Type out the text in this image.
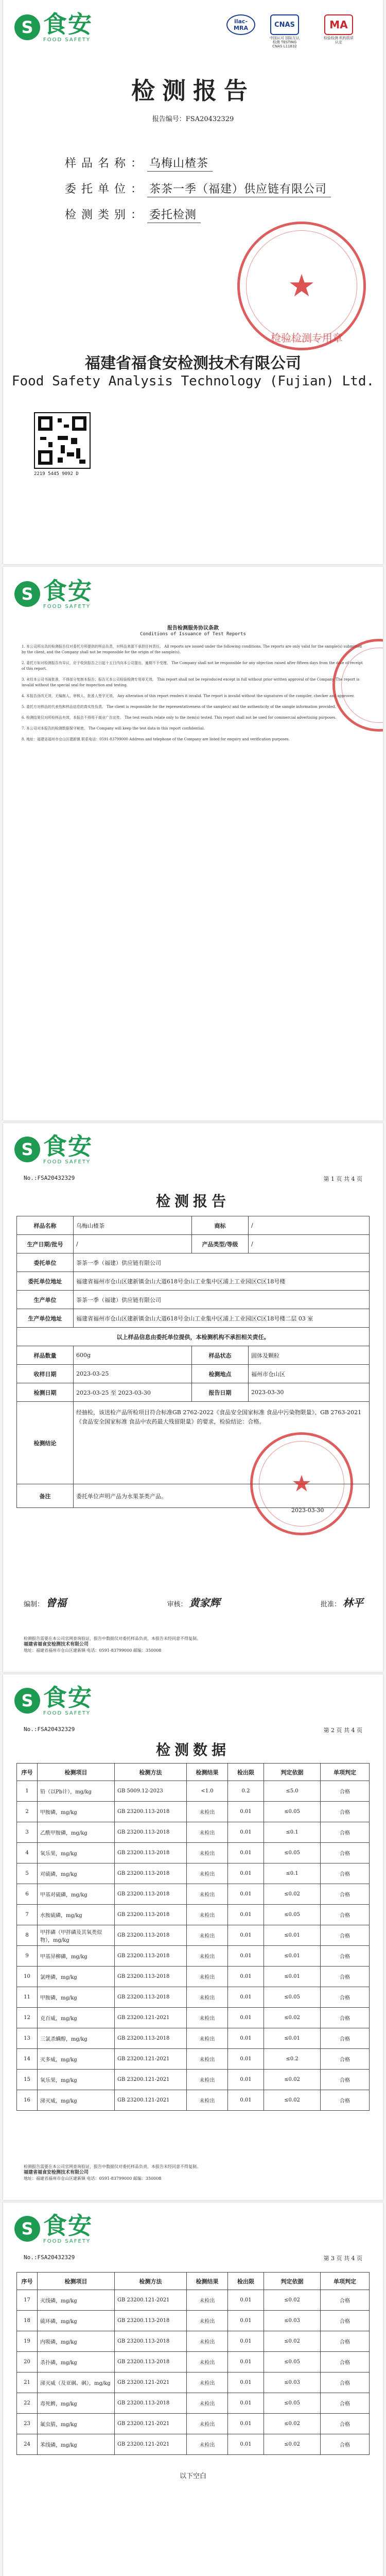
S 食安
FOOD SAFETY
ilac-MRA	CNAS
中国认可 国际互认 检测 TESTING CNAS L11832
MA
检验检测 机构资质认定
检测报告
报告编号：FSA20432329
样品名称： 乌梅山楂茶
委托单位： 茶茶一季（福建）供应链有限公司
检测类别： 委托检测
★
检验检测专用章
福建省福食安检测技术有限公司
Food Safety Analysis Technology (Fujian) Ltd.
2219 5445 9092 D
S 食安
FOOD SAFETY
报告检测服务协议条款
Conditions of Issuance of Test Reports

1. 本公司所出具的检测报告仅对委托方所提供的样品负责，对样品来源不承担任何责任。 All reports are issued under the following conditions. The reports are only valid for the sample(s) submitted by the client, and the Company shall not be responsible for the origin of the sample(s).

2. 委托方如对检测报告有异议，应于收到报告之日起十五日内向本公司提出，逾期不予受理。 The Company shall not be responsible for any objection raised after fifteen days from the date of receipt of this report.

3. 未经本公司书面批准，不得部分复制本报告；报告无本公司检验检测专用章无效。 This report shall not be reproduced except in full without prior written approval of the Company. The report is invalid without the special seal for inspection and testing.

4. 本报告涂改无效，无编制人、审核人、批准人签字无效。 Any alteration of this report renders it invalid. The report is invalid without the signatures of the compiler, checker and approver.

5. 委托方对样品的代表性和样品信息的真实性负责。 The client is responsible for the representativeness of the sample(s) and the authenticity of the sample information provided.

6. 检测结果仅对所检样品有效，本报告不得用于商业广告宣传。 The test results relate only to the item(s) tested. This report shall not be used for commercial advertising purposes.

7. 本公司对本报告的检测数据保守秘密。 The Company will keep the test data in this report confidential.

8. 地址：福建省福州市仓山区建新镇 联系电话：0591-83799000 Address and telephone of the Company are listed for enquiry and verification purposes.

S 食安
FOOD SAFETY
No.:FSA20432329	第 1 页 共 4 页
检测报告
样品名称	乌梅山楂茶	商标	/
生产日期/批号	/	产品类型/等级	/
委托单位	茶茶一季（福建）供应链有限公司		
委托单位地址	福建省福州市仓山区建新镇金山大道618号金山工业集中区浦上工业园区C区18号楼		
生产单位	茶茶一季（福建）供应链有限公司		
生产单位地址	福建省福州市仓山区建新镇金山大道618号金山工业集中区浦上工业园区C区18号楼二层 03 室		
以上样品信息由委托单位提供，本检测机构不承担相关责任。			
样品数量	600g	样品状态	固体及颗粒
收样日期	2023-03-25	检测地点	福州市仓山区
检测日期	2023-03-25 至 2023-03-30	报告日期	2023-03-30
检测结论	经抽检，该送检产品所检项目符合标准GB 2762-2022《食品安全国家标准 食品中污染物限量》、GB 2763-2021《食品安全国家标准 食品中农药最大残留限量》的要求，检验结论：合格。		
备注	委托单位声明产品为水果茶类产品。			★
2023-03-30
编制： 曾福	审核： 黄家辉	批准： 林平
检测报告需要在本公司官网查询验证，报告中数据仅对委托样品负责，本报告未经同意不得复制。
福建省福食安检测技术有限公司
地址：福建省福州市仓山区建新镇 电话：0591-83799000 邮编：350008
S 食安
FOOD SAFETY
No.:FSA20432329	第 2 页 共 4 页
检测数据
序号	检测项目	检测方法	检测结果	检出限	判定依据	单项判定
1	铅（以Pb计），mg/kg	GB 5009.12-2023	<1.0	0.2	≤5.0	合格
2	甲胺磷，mg/kg	GB 23200.113-2018	未检出	0.01	≤0.05	合格
3	乙酰甲胺磷，mg/kg	GB 23200.113-2018	未检出	0.01	≤0.1	合格
4	氧乐果，mg/kg	GB 23200.113-2018	未检出	0.01	≤0.05	合格
5	对硫磷，mg/kg	GB 23200.113-2018	未检出	0.01	≤0.1	合格
6	甲基对硫磷，mg/kg	GB 23200.113-2018	未检出	0.01	≤0.02	合格
7	水胺硫磷，mg/kg	GB 23200.113-2018	未检出	0.01	≤0.05	合格
8	甲拌磷（甲拌磷及其氧类似物），mg/kg	GB 23200.113-2018	未检出	0.01	≤0.01	合格
9	甲基异柳磷，mg/kg	GB 23200.113-2018	未检出	0.01	≤0.01	合格
10	氯唑磷，mg/kg	GB 23200.113-2018	未检出	0.01	≤0.01	合格
11	甲胺磷，mg/kg	GB 23200.113-2018	未检出	0.01	≤0.05	合格
12	克百威，mg/kg	GB 23200.121-2021	未检出	0.01	≤0.02	合格
13	三氯杀螨醇，mg/kg	GB 23200.113-2018	未检出	0.01	≤0.01	合格
14	灭多威，mg/kg	GB 23200.121-2021	未检出	0.01	≤0.2	合格
15	氧乐果，mg/kg	GB 23200.121-2021	未检出	0.01	≤0.02	合格
16	涕灭威，mg/kg	GB 23200.121-2021	未检出	0.01	≤0.02	合格
检测报告需要在本公司官网查询验证，报告中数据仅对委托样品负责，本报告未经同意不得复制。
福建省福食安检测技术有限公司
地址：福建省福州市仓山区建新镇 电话：0591-83799000 邮编：350008
S 食安
FOOD SAFETY
No.:FSA20432329	第 3 页 共 4 页
序号	检测项目	检测方法	检测结果	检出限	判定依据	单项判定
17	灭线磷，mg/kg	GB 23200.121-2021	未检出	0.01	≤0.02	合格
18	硫环磷，mg/kg	GB 23200.113-2018	未检出	0.01	≤0.03	合格
19	内吸磷，mg/kg	GB 23200.113-2018	未检出	0.01	≤0.02	合格
20	杀扑磷，mg/kg	GB 23200.113-2018	未检出	0.01	≤0.05	合格
21	涕灭威（及亚砜、砜），mg/kg	GB 23200.121-2021	未检出	0.01	≤0.03	合格
22	毒死蜱，mg/kg	GB 23200.113-2018	未检出	0.01	≤0.05	合格
23	氟虫腈，mg/kg	GB 23200.121-2021	未检出	0.01	≤0.02	合格
24	苯线磷，mg/kg	GB 23200.121-2021	未检出	0.01	≤0.02	合格
以下空白
